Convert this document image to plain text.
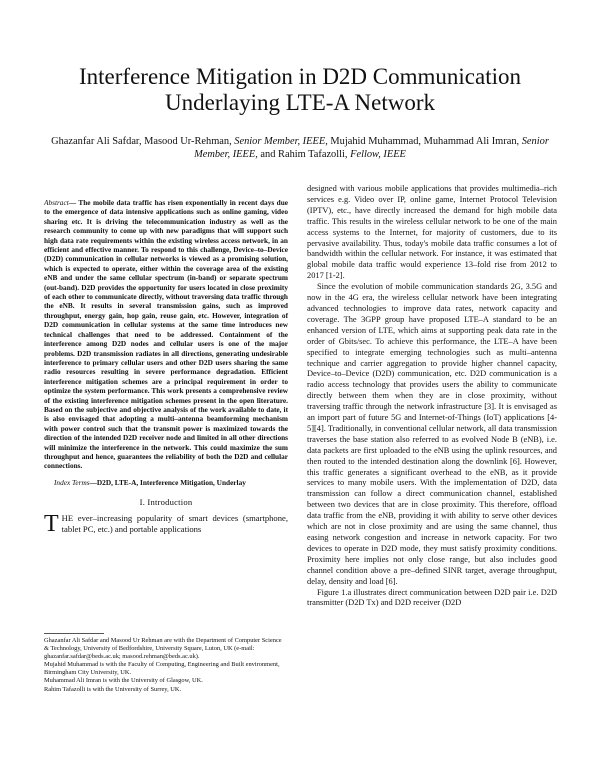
Interference Mitigation in D2D Communication Underlaying LTE-A Network
Ghazanfar Ali Safdar, Masood Ur-Rehman, Senior Member, IEEE, Mujahid Muhammad, Muhammad Ali Imran, Senior Member, IEEE, and Rahim Tafazolli, Fellow, IEEE
Abstract— The mobile data traffic has risen exponentially in recent days due to the emergence of data intensive applications such as online gaming, video sharing etc. It is driving the telecommunication industry as well as the research community to come up with new paradigms that will support such high data rate requirements within the existing wireless access network, in an efficient and effective manner. To respond to this challenge, Device–to–Device (D2D) communication in cellular networks is viewed as a promising solution, which is expected to operate, either within the coverage area of the existing eNB and under the same cellular spectrum (in-band) or separate spectrum (out-band). D2D provides the opportunity for users located in close proximity of each other to communicate directly, without traversing data traffic through the eNB. It results in several transmission gains, such as improved throughput, energy gain, hop gain, reuse gain, etc. However, integration of D2D communication in cellular systems at the same time introduces new technical challenges that need to be addressed. Containment of the interference among D2D nodes and cellular users is one of the major problems. D2D transmission radiates in all directions, generating undesirable interference to primary cellular users and other D2D users sharing the same radio resources resulting in severe performance degradation. Efficient interference mitigation schemes are a principal requirement in order to optimize the system performance. This work presents a comprehensive review of the existing interference mitigation schemes present in the open literature. Based on the subjective and objective analysis of the work available to date, it is also envisaged that adopting a multi–antenna beamforming mechanism with power control such that the transmit power is maximized towards the direction of the intended D2D receiver node and limited in all other directions will minimize the interference in the network. This could maximize the sum throughput and hence, guarantees the reliability of both the D2D and cellular connections.
Index Terms—D2D, LTE-A, Interference Mitigation, Underlay
I. Introduction
THE ever–increasing popularity of smart devices (smartphone, tablet PC, etc.) and portable applications

Ghazanfar Ali Safdar and Masood Ur Rehman are with the Department of Computer Science & Technology, University of Bedfordshire, University Square, Luton, UK (e-mail: ghazanfar.safdar@beds.ac.uk; masood.rehman@beds.ac.uk).

Mujahid Muhammad is with the Faculty of Computing, Engineering and Built environment, Birmingham City University, UK.

Muhammad Ali Imran is with the University of Glasgow, UK.

Rahim Tafazolli is with the University of Surrey, UK.

designed with various mobile applications that provides multimedia–rich services e.g. Video over IP, online game, Internet Protocol Television (IPTV), etc., have directly increased the demand for high mobile data traffic. This results in the wireless cellular network to be one of the main access systems to the Internet, for majority of customers, due to its pervasive availability. Thus, today's mobile data traffic consumes a lot of bandwidth within the cellular network. For instance, it was estimated that global mobile data traffic would experience 13–fold rise from 2012 to 2017 [1-2].

Since the evolution of mobile communication standards 2G, 3.5G and now in the 4G era, the wireless cellular network have been integrating advanced technologies to improve data rates, network capacity and coverage. The 3GPP group have proposed LTE–A standard to be an enhanced version of LTE, which aims at supporting peak data rate in the order of Gbits/sec. To achieve this performance, the LTE–A have been specified to integrate emerging technologies such as multi–antenna technique and carrier aggregation to provide higher channel capacity, Device–to–Device (D2D) communication, etc. D2D communication is a radio access technology that provides users the ability to communicate directly between them when they are in close proximity, without traversing traffic through the network infrastructure [3]. It is envisaged as an import part of future 5G and Internet-of-Things (IoT) applications [4-5][4]. Traditionally, in conventional cellular network, all data transmission traverses the base station also referred to as evolved Node B (eNB), i.e. data packets are first uploaded to the eNB using the uplink resources, and then routed to the intended destination along the downlink [6]. However, this traffic generates a significant overhead to the eNB, as it provide services to many mobile users. With the implementation of D2D, data transmission can follow a direct communication channel, established between two devices that are in close proximity. This therefore, offload data traffic from the eNB, providing it with ability to serve other devices which are not in close proximity and are using the same channel, thus easing network congestion and increase in network capacity. For two devices to operate in D2D mode, they must satisfy proximity conditions. Proximity here implies not only close range, but also includes good channel condition above a pre–defined SINR target, average throughput, delay, density and load [6].

Figure 1.a illustrates direct communication between D2D pair i.e. D2D transmitter (D2D Tx) and D2D receiver (D2D
